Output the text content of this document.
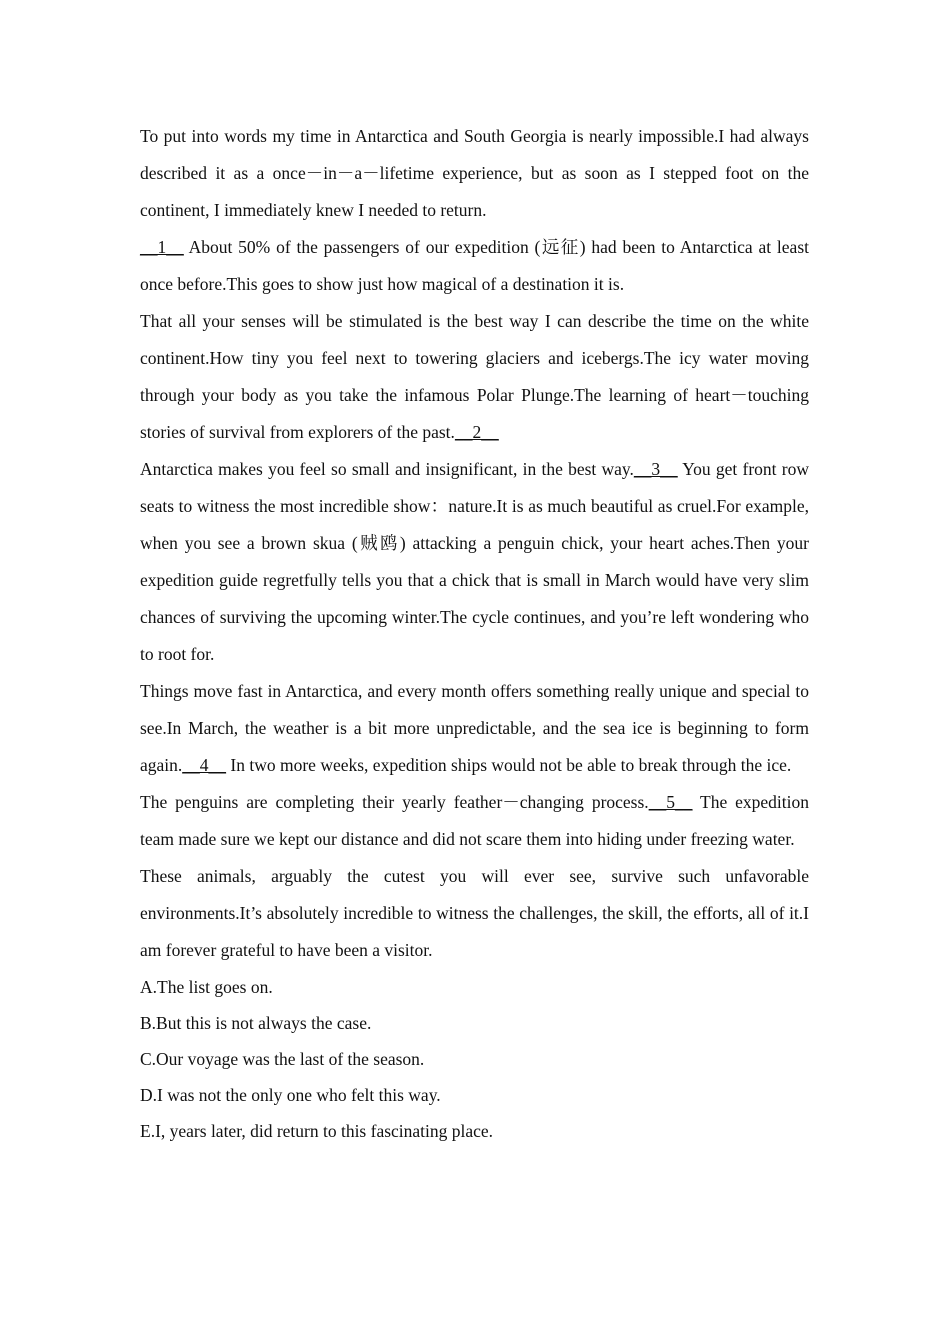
To put into words my time in Antarctica and South Georgia is nearly impossible.I had always described it as a once－in－a－lifetime experience, but as soon as I stepped foot on the continent, I immediately knew I needed to return.

__1__ About 50% of the passengers of our expedition (远征) had been to Antarctica at least once before.This goes to show just how magical of a destination it is.

That all your senses will be stimulated is the best way I can describe the time on the white continent.How tiny you feel next to towering glaciers and icebergs.The icy water moving through your body as you take the infamous Polar Plunge.The learning of heart－touching stories of survival from explorers of the past.__2__

Antarctica makes you feel so small and insignificant, in the best way.__3__ You get front row seats to witness the most incredible show：nature.It is as much beautiful as cruel.For example, when you see a brown skua (贼鸥) attacking a penguin chick, your heart aches.Then your expedition guide regretfully tells you that a chick that is small in March would have very slim chances of surviving the upcoming winter.The cycle continues, and you’re left wondering who to root for.

Things move fast in Antarctica, and every month offers something really unique and special to see.In March, the weather is a bit more unpredictable, and the sea ice is beginning to form again.__4__ In two more weeks, expedition ships would not be able to break through the ice.

The penguins are completing their yearly feather－changing process.__5__ The expedition team made sure we kept our distance and did not scare them into hiding under freezing water.

These animals, arguably the cutest you will ever see, survive such unfavorable environments.It’s absolutely incredible to witness the challenges, the skill, the efforts, all of it.I am forever grateful to have been a visitor.

A.The list goes on.

B.But this is not always the case.

C.Our voyage was the last of the season.

D.I was not the only one who felt this way.

E.I, years later, did return to this fascinating place.
